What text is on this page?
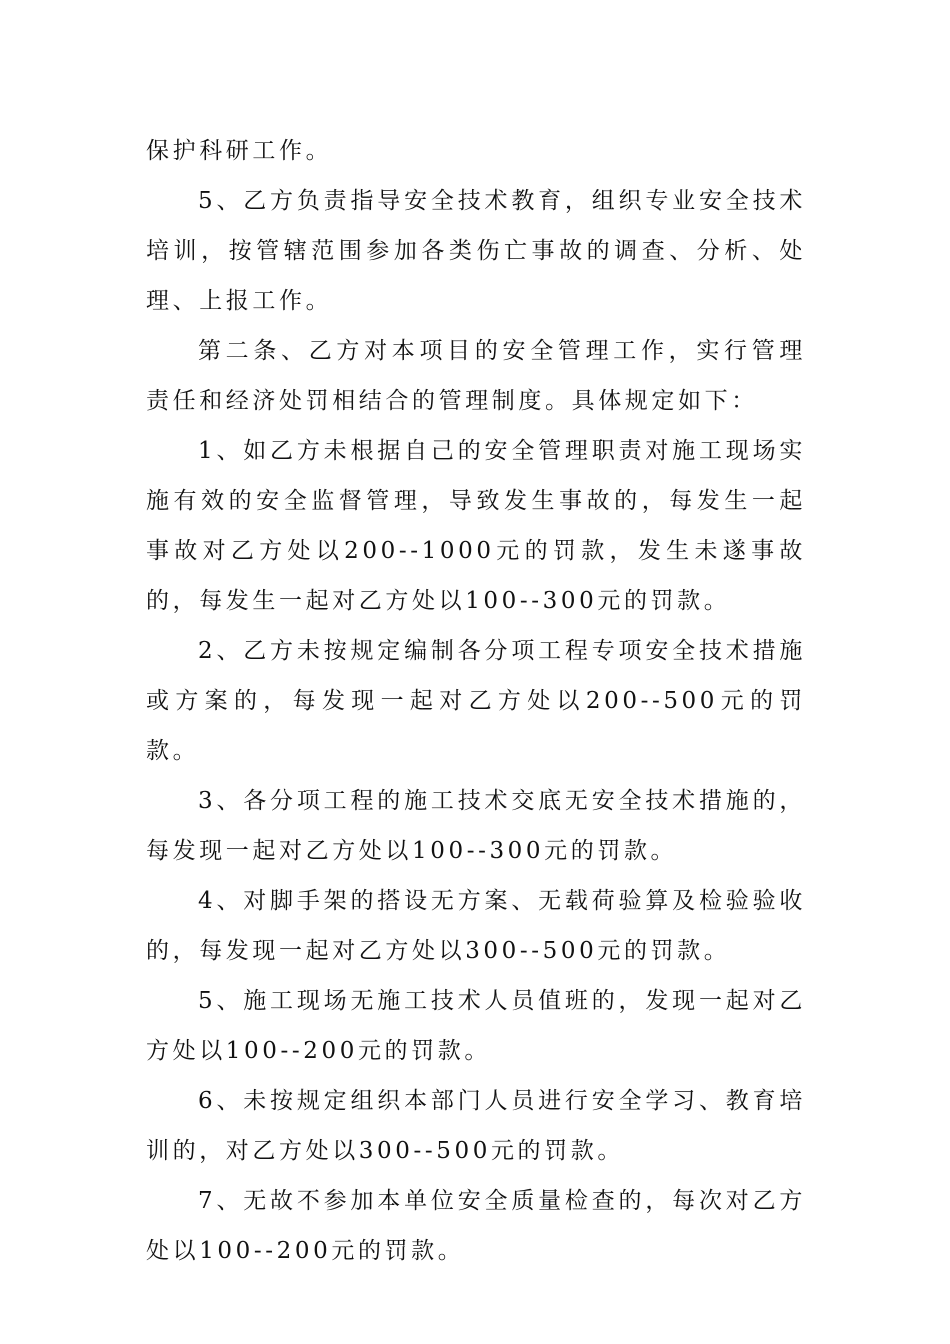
保护科研工作。

5、乙方负责指导安全技术教育，组织专业安全技术培训，按管辖范围参加各类伤亡事故的调查、分析、处理、上报工作。

第二条、乙方对本项目的安全管理工作，实行管理责任和经济处罚相结合的管理制度。具体规定如下：

1、如乙方未根据自己的安全管理职责对施工现场实施有效的安全监督管理，导致发生事故的，每发生一起事故对乙方处以200--1000元的罚款，发生未遂事故的，每发生一起对乙方处以100--300元的罚款。

2、乙方未按规定编制各分项工程专项安全技术措施或方案的，每发现一起对乙方处以200--500元的罚款。

3、各分项工程的施工技术交底无安全技术措施的，每发现一起对乙方处以100--300元的罚款。

4、对脚手架的搭设无方案、无载荷验算及检验验收的，每发现一起对乙方处以300--500元的罚款。

5、施工现场无施工技术人员值班的，发现一起对乙方处以100--200元的罚款。

6、未按规定组织本部门人员进行安全学习、教育培训的，对乙方处以300--500元的罚款。

7、无故不参加本单位安全质量检查的，每次对乙方处以100--200元的罚款。
